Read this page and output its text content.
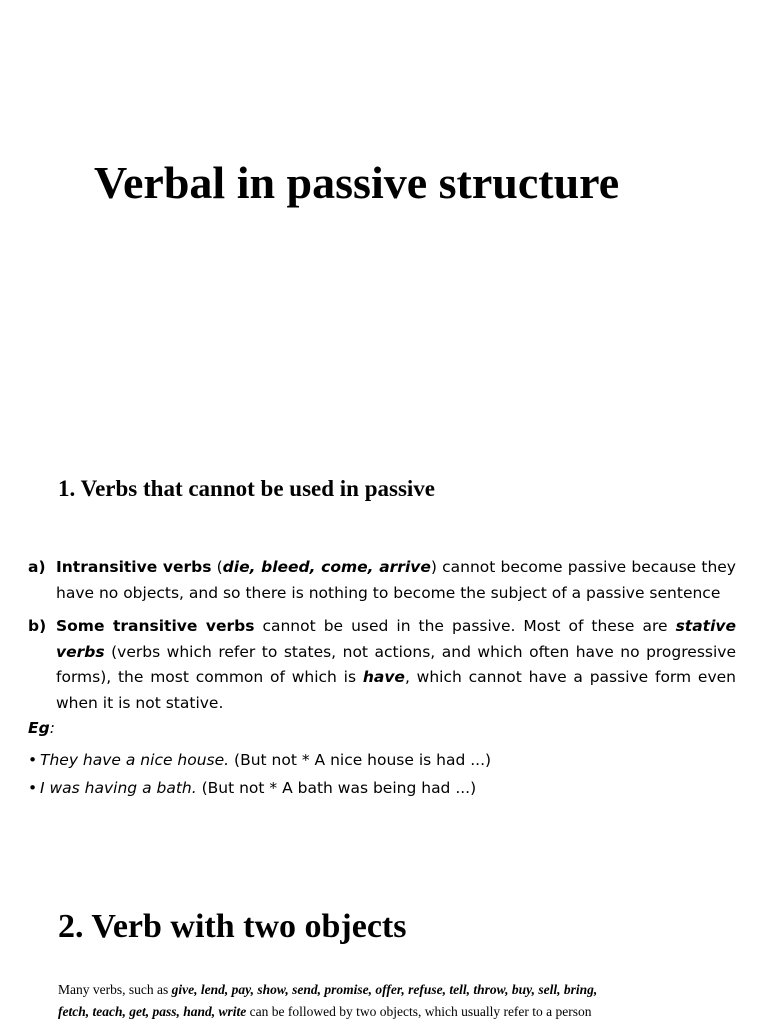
Verbal in passive structure
1. Verbs that cannot be used in passive
a) Intransitive verbs (die, bleed, come, arrive) cannot become passive because they have no objects, and so there is nothing to become the subject of a passive sentence
b) Some transitive verbs cannot be used in the passive. Most of these are stative verbs (verbs which refer to states, not actions, and which often have no progressive forms), the most common of which is have, which cannot have a passive form even when it is not stative.
Eg:
• They have a nice house. (But not * A nice house is had ...)
• I was having a bath. (But not * A bath was being had ...)
2. Verb with two objects
Many verbs, such as give, lend, pay, show, send, promise, offer, refuse, tell, throw, buy, sell, bring,
fetch, teach, get, pass, hand, write can be followed by two objects, which usually refer to a person
